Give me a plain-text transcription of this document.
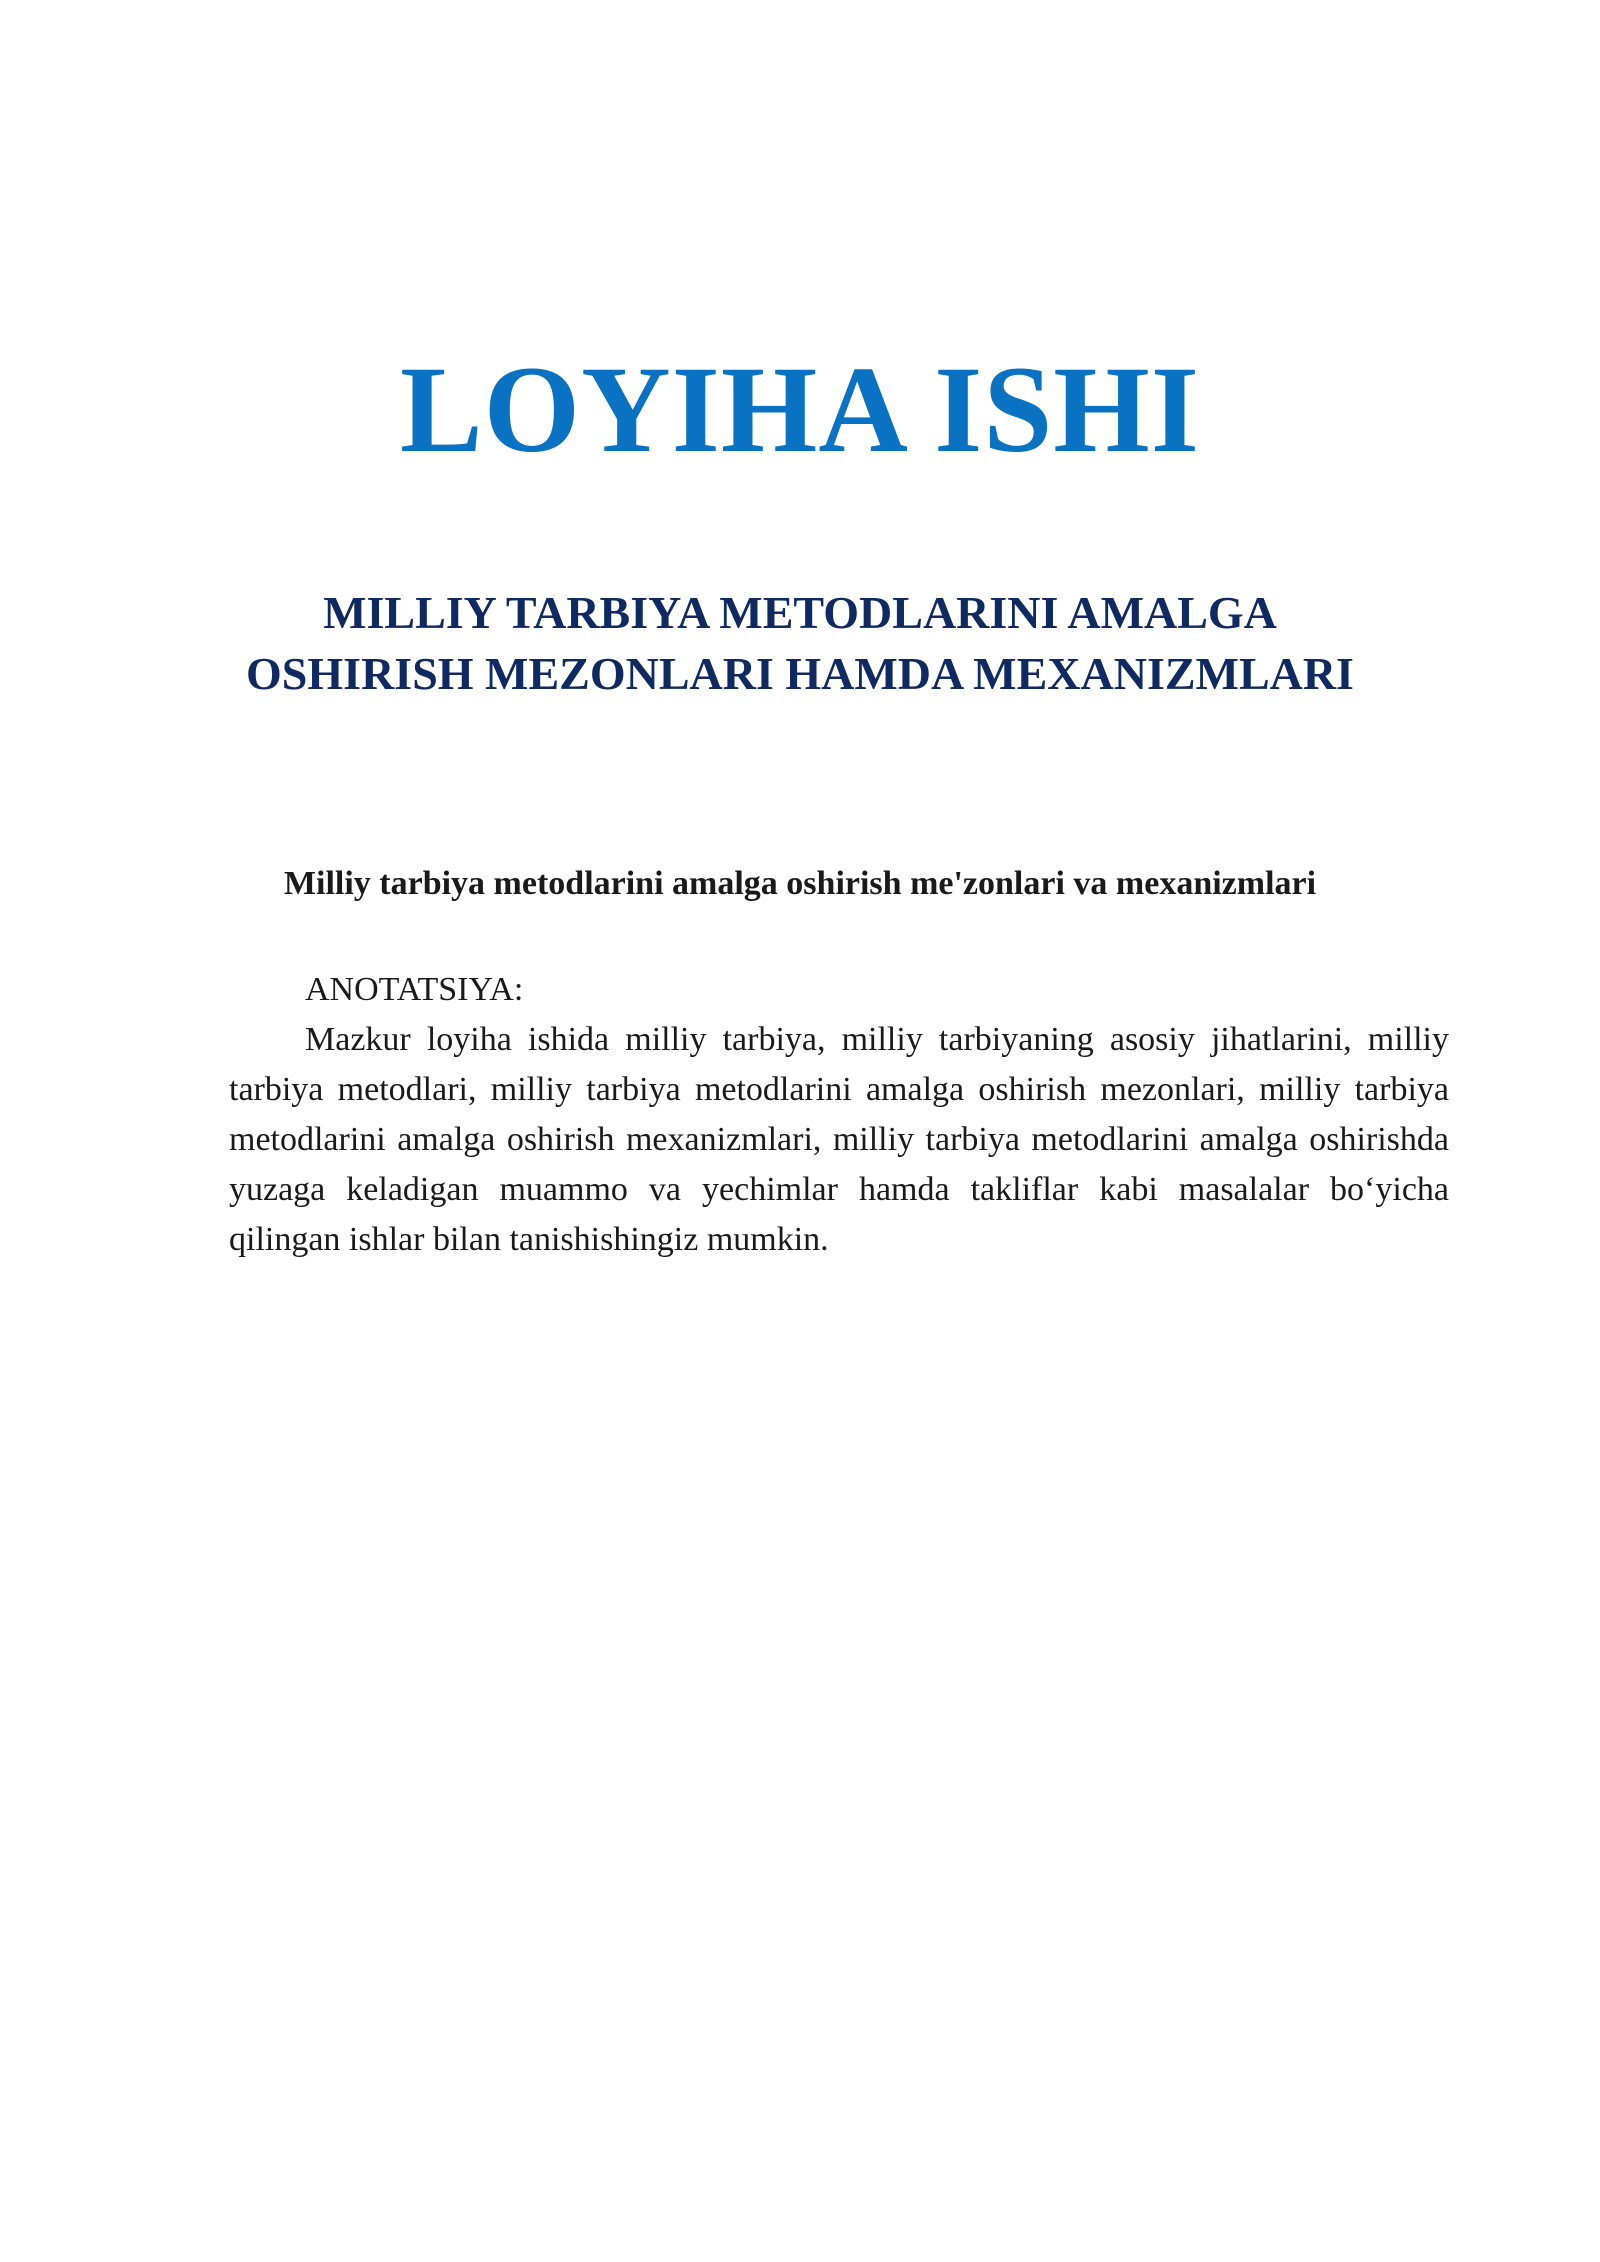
LOYIHA ISHI
MILLIY TARBIYA METODLARINI AMALGA
OSHIRISH MEZONLARI HAMDA MEXANIZMLARI
Milliy tarbiya metodlarini amalga oshirish me'zonlari va mexanizmlari

ANOTATSIYA:

Mazkur loyiha ishida milliy tarbiya, milliy tarbiyaning asosiy jihatlarini, milliy tarbiya metodlari, milliy tarbiya metodlarini amalga oshirish mezonlari, milliy tarbiya metodlarini amalga oshirish mexanizmlari, milliy tarbiya metodlarini amalga oshirishda yuzaga keladigan muammo va yechimlar hamda takliflar kabi masalalar bo‘yicha qilingan ishlar bilan tanishishingiz mumkin.
